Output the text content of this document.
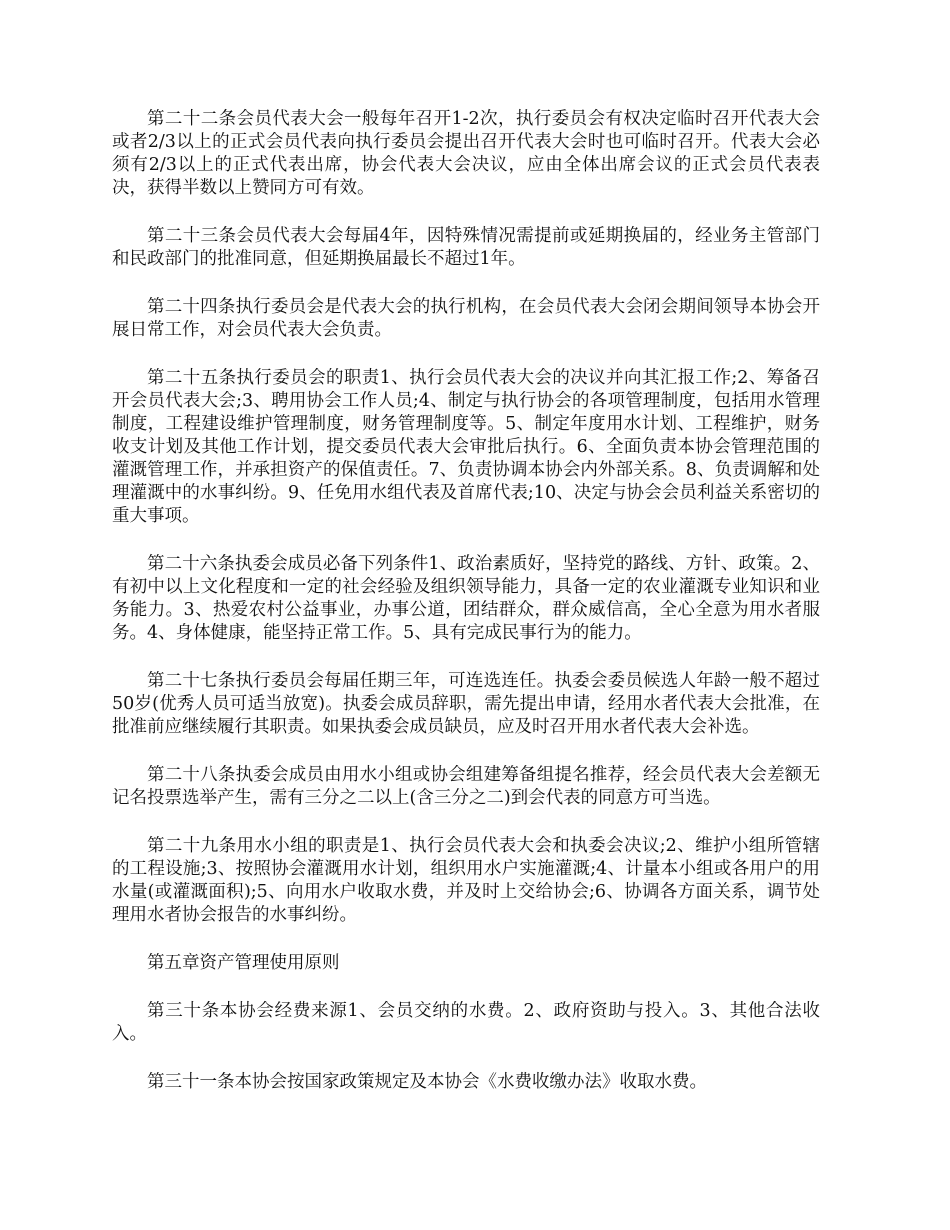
第二十二条会员代表大会一般每年召开1-2次，执行委员会有权决定临时召开代表大会或者2/3以上的正式会员代表向执行委员会提出召开代表大会时也可临时召开。代表大会必须有2/3以上的正式代表出席，协会代表大会决议，应由全体出席会议的正式会员代表表决，获得半数以上赞同方可有效。

第二十三条会员代表大会每届4年，因特殊情况需提前或延期换届的，经业务主管部门和民政部门的批准同意，但延期换届最长不超过1年。

第二十四条执行委员会是代表大会的执行机构，在会员代表大会闭会期间领导本协会开展日常工作，对会员代表大会负责。

第二十五条执行委员会的职责1、执行会员代表大会的决议并向其汇报工作;2、筹备召开会员代表大会;3、聘用协会工作人员;4、制定与执行协会的各项管理制度，包括用水管理制度，工程建设维护管理制度，财务管理制度等。5、制定年度用水计划、工程维护，财务收支计划及其他工作计划，提交委员代表大会审批后执行。6、全面负责本协会管理范围的灌溉管理工作，并承担资产的保值责任。7、负责协调本协会内外部关系。8、负责调解和处理灌溉中的水事纠纷。9、任免用水组代表及首席代表;10、决定与协会会员利益关系密切的重大事项。

第二十六条执委会成员必备下列条件1、政治素质好，坚持党的路线、方针、政策。2、有初中以上文化程度和一定的社会经验及组织领导能力，具备一定的农业灌溉专业知识和业务能力。3、热爱农村公益事业，办事公道，团结群众，群众威信高，全心全意为用水者服务。4、身体健康，能坚持正常工作。5、具有完成民事行为的能力。

第二十七条执行委员会每届任期三年，可连选连任。执委会委员候选人年龄一般不超过50岁(优秀人员可适当放宽)。执委会成员辞职，需先提出申请，经用水者代表大会批准，在批准前应继续履行其职责。如果执委会成员缺员，应及时召开用水者代表大会补选。

第二十八条执委会成员由用水小组或协会组建筹备组提名推荐，经会员代表大会差额无记名投票选举产生，需有三分之二以上(含三分之二)到会代表的同意方可当选。

第二十九条用水小组的职责是1、执行会员代表大会和执委会决议;2、维护小组所管辖的工程设施;3、按照协会灌溉用水计划，组织用水户实施灌溉;4、计量本小组或各用户的用水量(或灌溉面积);5、向用水户收取水费，并及时上交给协会;6、协调各方面关系，调节处理用水者协会报告的水事纠纷。

第五章资产管理使用原则

第三十条本协会经费来源1、会员交纳的水费。2、政府资助与投入。3、其他合法收入。

第三十一条本协会按国家政策规定及本协会《水费收缴办法》收取水费。
